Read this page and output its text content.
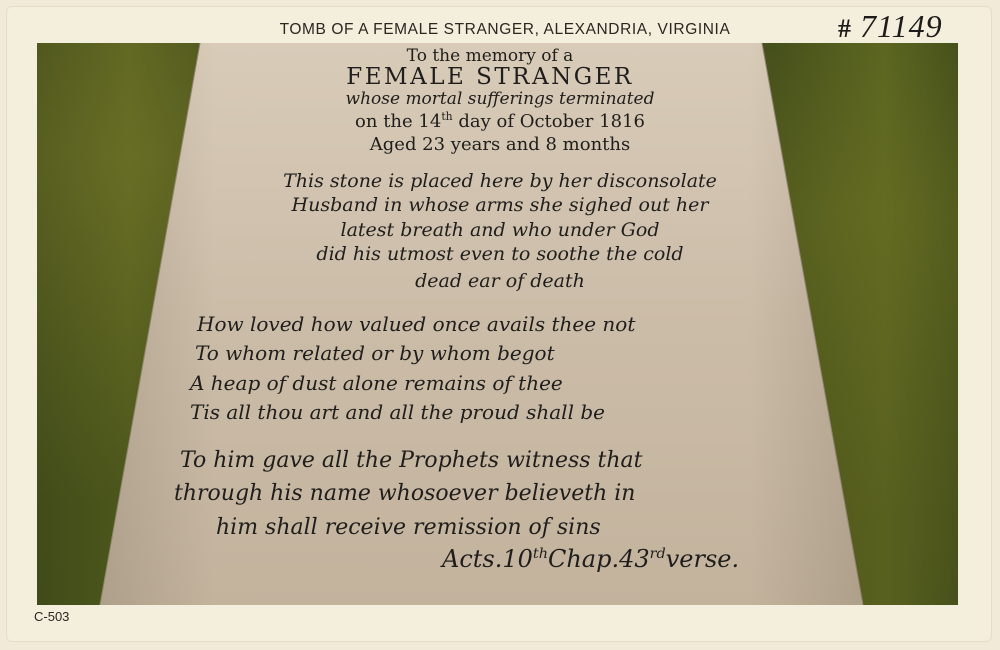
TOMB OF A FEMALE STRANGER, ALEXANDRIA, VIRGINIA	# 71149
To the memory of a
FEMALE STRANGER
whose mortal sufferings terminated
on the 14th day of October 1816
Aged 23 years and 8 months
This stone is placed here by her disconsolate
Husband in whose arms she sighed out her
latest breath and who under God
did his utmost even to soothe the cold
dead ear of death
How loved how valued once avails thee not
To whom related or by whom begot
A heap of dust alone remains of thee
Tis all thou art and all the proud shall be
To him gave all the Prophets witness that
through his name whosoever believeth in
him shall receive remission of sins
Acts.10thChap.43rdverse.
C-503
